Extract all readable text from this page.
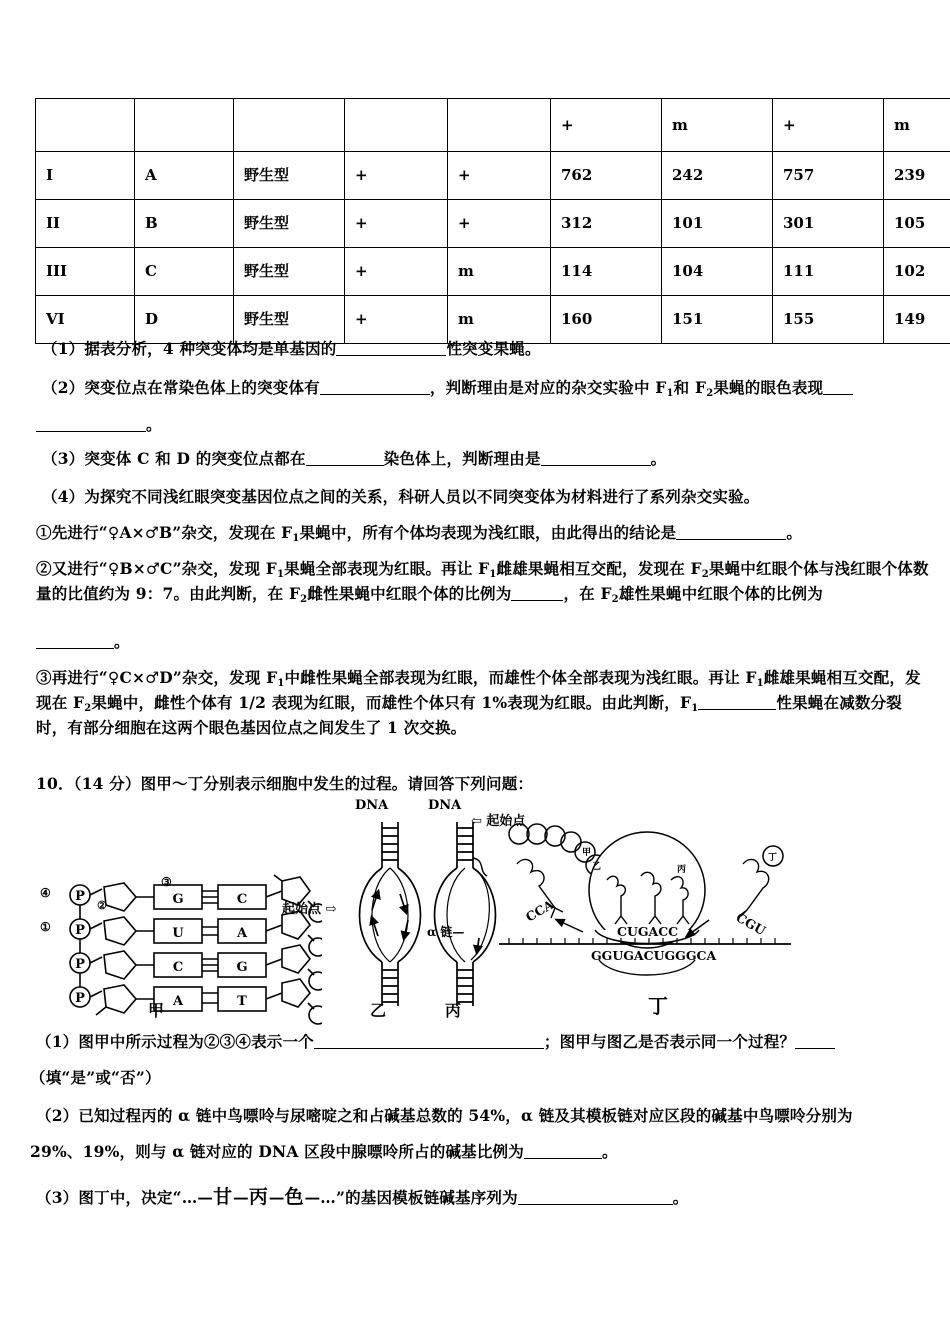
					+	m	+	m
I	A	野生型	+	+	762	242	757	239
II	B	野生型	+	+	312	101	301	105
III	C	野生型	+	m	114	104	111	102
VI	D	野生型	+	m	160	151	155	149
（1）据表分析，4 种突变体均是单基因的	性突变果蝇。
（2）突变位点在常染色体上的突变体有	，判断理由是对应的杂交实验中 $F_1$和 $F_2$果蝇的眼色表现
。
（3）突变体 C 和 D 的突变位点都在	染色体上，判断理由是	。
（4）为探究不同浅红眼突变基因位点之间的关系，科研人员以不同突变体为材料进行了系列杂交实验。
①先进行“♀A×♂B”杂交，发现在 $F_1$果蝇中，所有个体均表现为浅红眼，由此得出的结论是	。
②又进行“♀B×♂C”杂交，发现 $F_1$果蝇全部表现为红眼。再让 $F_1$雌雄果蝇相互交配，发现在 $F_2$果蝇中红眼个体与浅红眼个体数量的比值约为 9：7。由此判断，在 $F_2$雌性果蝇中红眼个体的比例为	，在 $F_2$雄性果蝇中红眼个体的比例为
。
③再进行“♀C×♂D”杂交，发现 $F_1$中雌性果蝇全部表现为红眼，而雄性个体全部表现为浅红眼。再让 $F_1$雌雄果蝇相互交配，发现在 $F_2$果蝇中，雌性个体有 1/2 表现为红眼，而雄性个体只有 1%表现为红眼。由此判断，$F_1$	性果蝇在减数分裂时，有部分细胞在这两个眼色基因位点之间发生了 1 次交换。
10．（14 分）图甲～丁分别表示细胞中发生的过程。请回答下列问题：
P
P
P
P
G	C
U	A
C	G
A	T
④
①
②
③
甲
DNA
起始点 ⇨
乙
DNA
⇦ 起始点
α 链—
丙
甲
乙	丙
丁
CCA
CUGACC	CGU
GGUGACUGGGCA
丁
（1）图甲中所示过程为②③④表示一个	；图甲与图乙是否表示同一个过程？
（填“是”或“否”）
（2）已知过程丙的 α 链中鸟嘌呤与尿嘧啶之和占碱基总数的 54%，α 链及其模板链对应区段的碱基中鸟嘌呤分别为
29%、19%，则与 α 链对应的 DNA 区段中腺嘌呤所占的碱基比例为	。
（3）图丁中，决定“…—甘—丙—色—…”的基因模板链碱基序列为	。
